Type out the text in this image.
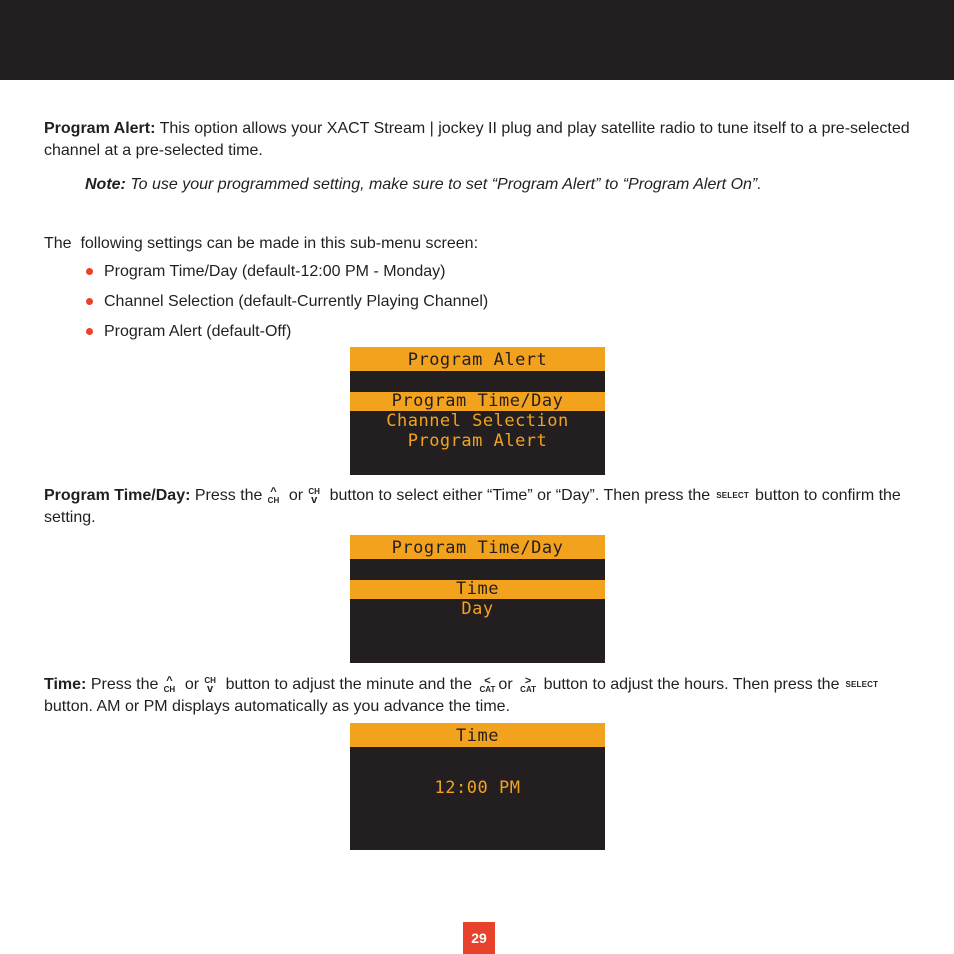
Program Alert: This option allows your XACT Stream | jockey II plug and play satellite radio to tune itself to a pre-selected channel at a pre-selected time.
Note: To use your programmed setting, make sure to set “Program Alert” to “Program Alert On”.
The  following settings can be made in this sub-menu screen:
Program Time/Day (default-12:00 PM - Monday)
Channel Selection (default-Currently Playing Channel)
Program Alert (default-Off)
Program Alert
Program Time/Day
Channel Selection
Program Alert
Program Time/Day: Press the ^
CH or CH
v button to select either “Time” or “Day”. Then press the SELECT button to confirm the setting.
Program Time/Day
Time
Day
Time: Press the ^
CH or CH
v button to adjust the minute and the	<
CAT or	>
CAT button to adjust the hours. Then press the SELECTbutton. AM or PM displays automatically as you advance the time.
Time
12:00 PM
29
